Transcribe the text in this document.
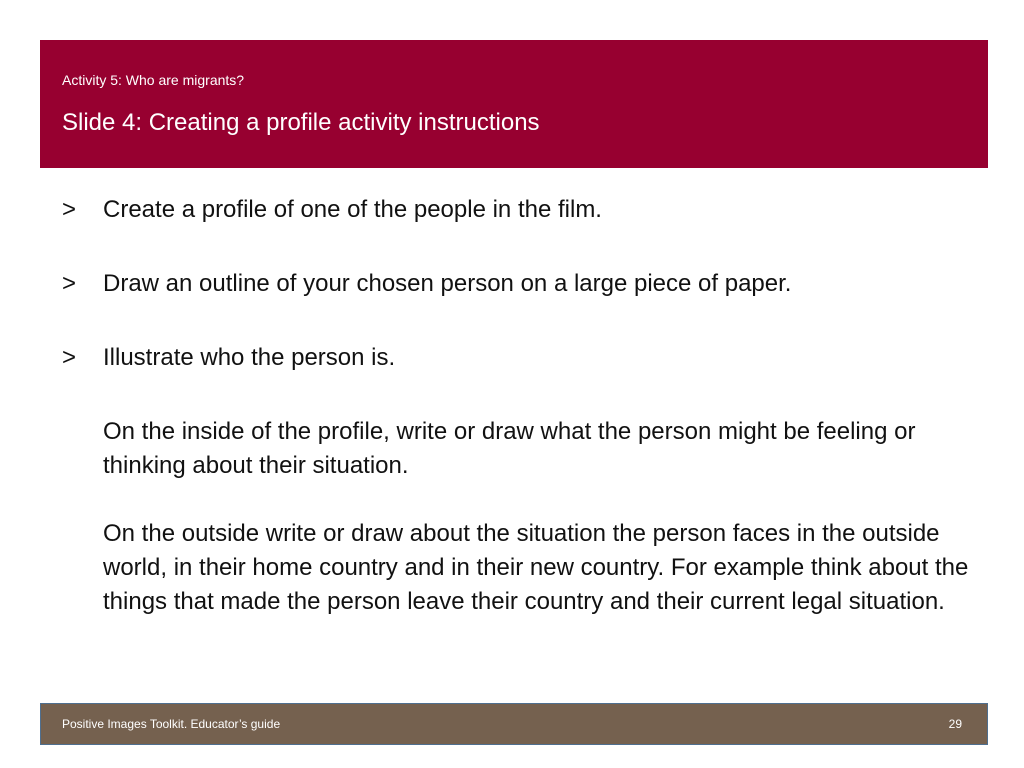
Activity 5: Who are migrants?
Slide 4: Creating a profile activity instructions
> Create a profile of one of the people in the film.
> Draw an outline of your chosen person on a large piece of paper.
> Illustrate who the person is.
On the inside of the profile, write or draw what the person might be feeling or thinking about their situation.
On the outside write or draw about the situation the person faces in the outside world, in their home country and in their new country. For example think about the things that made the person leave their country and their current legal situation.
Positive Images Toolkit. Educator’s guide	29
